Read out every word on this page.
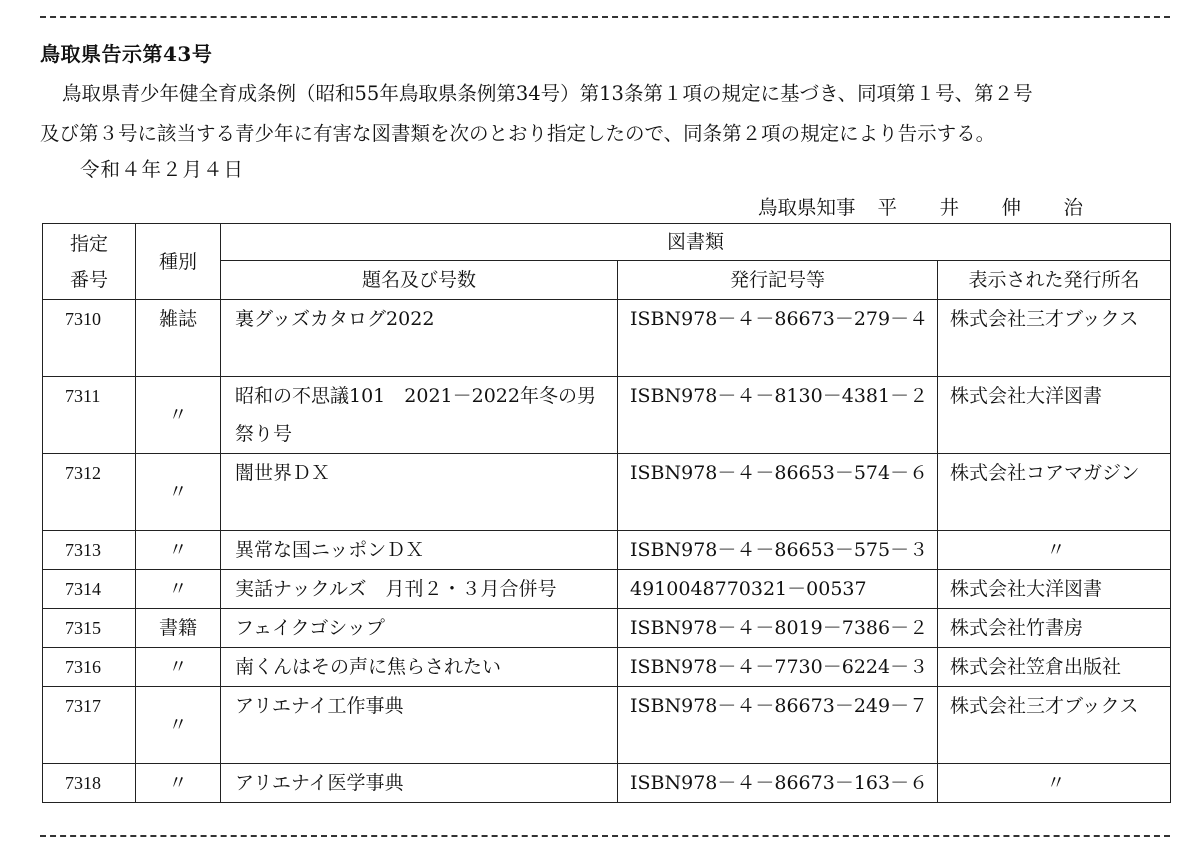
鳥取県告示第43号
鳥取県青少年健全育成条例（昭和55年鳥取県条例第34号）第13条第１項の規定に基づき、同項第１号、第２号
及び第３号に該当する青少年に有害な図書類を次のとおり指定したので、同条第２項の規定により告示する。
令和４年２月４日
鳥取県知事 平	井	伸	治
指定
番号	種別	図書類		
		題名及び号数	発行記号等	表示された発行所名
7310	雑誌	裏グッズカタログ2022	ISBN978－４－86673－279－４	株式会社三才ブックス
7311	〃	昭和の不思議101　2021－2022年冬の男祭り号	ISBN978－４－8130－4381－２	株式会社大洋図書
7312	〃	闇世界ＤＸ	ISBN978－４－86653－574－６	株式会社コアマガジン
7313	〃	異常な国ニッポンＤＸ	ISBN978－４－86653－575－３	〃
7314	〃	実話ナックルズ　月刊２・３月合併号	4910048770321－00537	株式会社大洋図書
7315	書籍	フェイクゴシップ	ISBN978－４－8019－7386－２	株式会社竹書房
7316	〃	南くんはその声に焦らされたい	ISBN978－４－7730－6224－３	株式会社笠倉出版社
7317	〃	アリエナイ工作事典	ISBN978－４－86673－249－７	株式会社三才ブックス
7318	〃	アリエナイ医学事典	ISBN978－４－86673－163－６	〃
